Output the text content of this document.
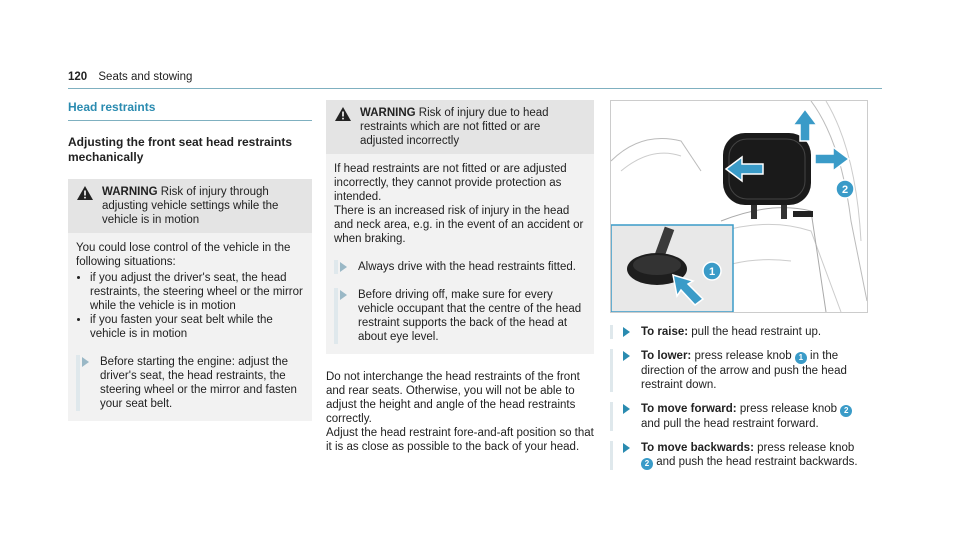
120 Seats and stowing
Head restraints
Adjusting the front seat head restraints mechanically
WARNING Risk of injury through adjusting vehicle settings while the vehicle is in motion

You could lose control of the vehicle in the following situations:

• if you adjust the driver's seat, the head restraints, the steering wheel or the mirror while the vehicle is in motion
• if you fasten your seat belt while the vehicle is in motion
Before starting the engine: adjust the driver's seat, the head restraints, the steering wheel or the mirror and fasten your seat belt.
WARNING Risk of injury due to head restraints which are not fitted or are adjusted incorrectly

If head restraints are not fitted or are adjusted incorrectly, they cannot provide protection as intended.

There is an increased risk of injury in the head and neck area, e.g. in the event of an accident or when braking.

Always drive with the head restraints fitted.
Before driving off, make sure for every vehicle occupant that the centre of the head restraint supports the back of the head at about eye level.

Do not interchange the head restraints of the front and rear seats. Otherwise, you will not be able to adjust the height and angle of the head restraints correctly.

Adjust the head restraint fore-and-aft position so that it is as close as possible to the back of your head.

2
1
To raise: pull the head restraint up.
To lower: press release knob 1 in the direction of the arrow and push the head restraint down.
To move forward: press release knob 2 and pull the head restraint forward.
To move backwards: press release knob 2 and push the head restraint backwards.
